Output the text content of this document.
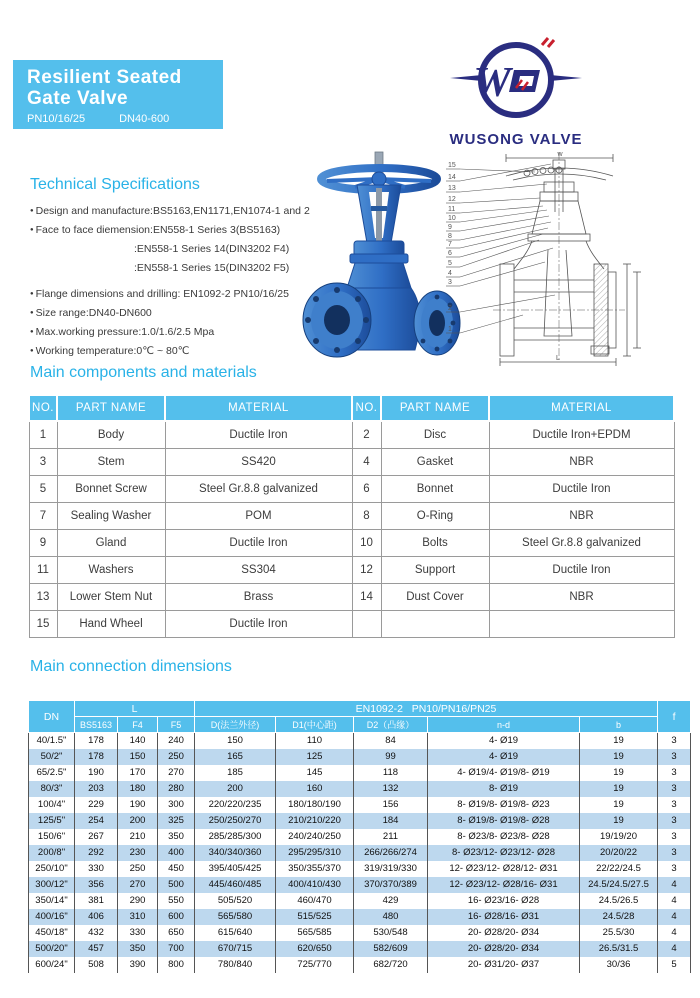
Resilient Seated
Gate Valve
PN10/16/25	DN40-600
W
WUSONG VALVE
Technical Specifications
● Design and manufacture:BS5163,EN1171,EN1074-1 and 2
● Face to face diemension:EN558-1 Series 3(BS5163)
:EN558-1 Series 14(DIN3202 F4)
:EN558-1 Series 15(DIN3202 F5)
● Flange dimensions and drilling: EN1092-2 PN10/16/25
● Size range:DN40-DN600
● Max.working pressure:1.0/1.6/2.5 Mpa
● Working temperature:0℃ ~ 80℃
w
L
15
14
13
12
11
10
9
8
7
6
5
4
3
2
1
Main components and materials
NO.	PART NAME	MATERIAL	NO.	PART NAME	MATERIAL
1	Body	Ductile Iron	2	Disc	Ductile Iron+EPDM
3	Stem	SS420	4	Gasket	NBR
5	Bonnet Screw	Steel Gr.8.8 galvanized	6	Bonnet	Ductile Iron
7	Sealing Washer	POM	8	O-Ring	NBR
9	Gland	Ductile Iron	10	Bolts	Steel Gr.8.8 galvanized
11	Washers	SS304	12	Support	Ductile Iron
13	Lower Stem Nut	Brass	14	Dust Cover	NBR
15	Hand Wheel	Ductile Iron			
Main connection dimensions
DN	L			EN1092-2   PN10/PN16/PN25					f
	BS5163	F4	F5	D(法兰外径)	D1(中心距)	D2（凸缘）	n-d	b	
40/1.5"	178	140	240	150	110	84	4- Ø19	19	3
50/2"	178	150	250	165	125	99	4- Ø19	19	3
65/2.5"	190	170	270	185	145	118	4- Ø19/4- Ø19/8- Ø19	19	3
80/3"	203	180	280	200	160	132	8- Ø19	19	3
100/4"	229	190	300	220/220/235	180/180/190	156	8- Ø19/8- Ø19/8- Ø23	19	3
125/5"	254	200	325	250/250/270	210/210/220	184	8- Ø19/8- Ø19/8- Ø28	19	3
150/6"	267	210	350	285/285/300	240/240/250	211	8- Ø23/8- Ø23/8- Ø28	19/19/20	3
200/8"	292	230	400	340/340/360	295/295/310	266/266/274	8- Ø23/12- Ø23/12- Ø28	20/20/22	3
250/10"	330	250	450	395/405/425	350/355/370	319/319/330	12- Ø23/12- Ø28/12- Ø31	22/22/24.5	3
300/12"	356	270	500	445/460/485	400/410/430	370/370/389	12- Ø23/12- Ø28/16- Ø31	24.5/24.5/27.5	4
350/14"	381	290	550	505/520	460/470	429	16- Ø23/16- Ø28	24.5/26.5	4
400/16"	406	310	600	565/580	515/525	480	16- Ø28/16- Ø31	24.5/28	4
450/18"	432	330	650	615/640	565/585	530/548	20- Ø28/20- Ø34	25.5/30	4
500/20"	457	350	700	670/715	620/650	582/609	20- Ø28/20- Ø34	26.5/31.5	4
600/24"	508	390	800	780/840	725/770	682/720	20- Ø31/20- Ø37	30/36	5
